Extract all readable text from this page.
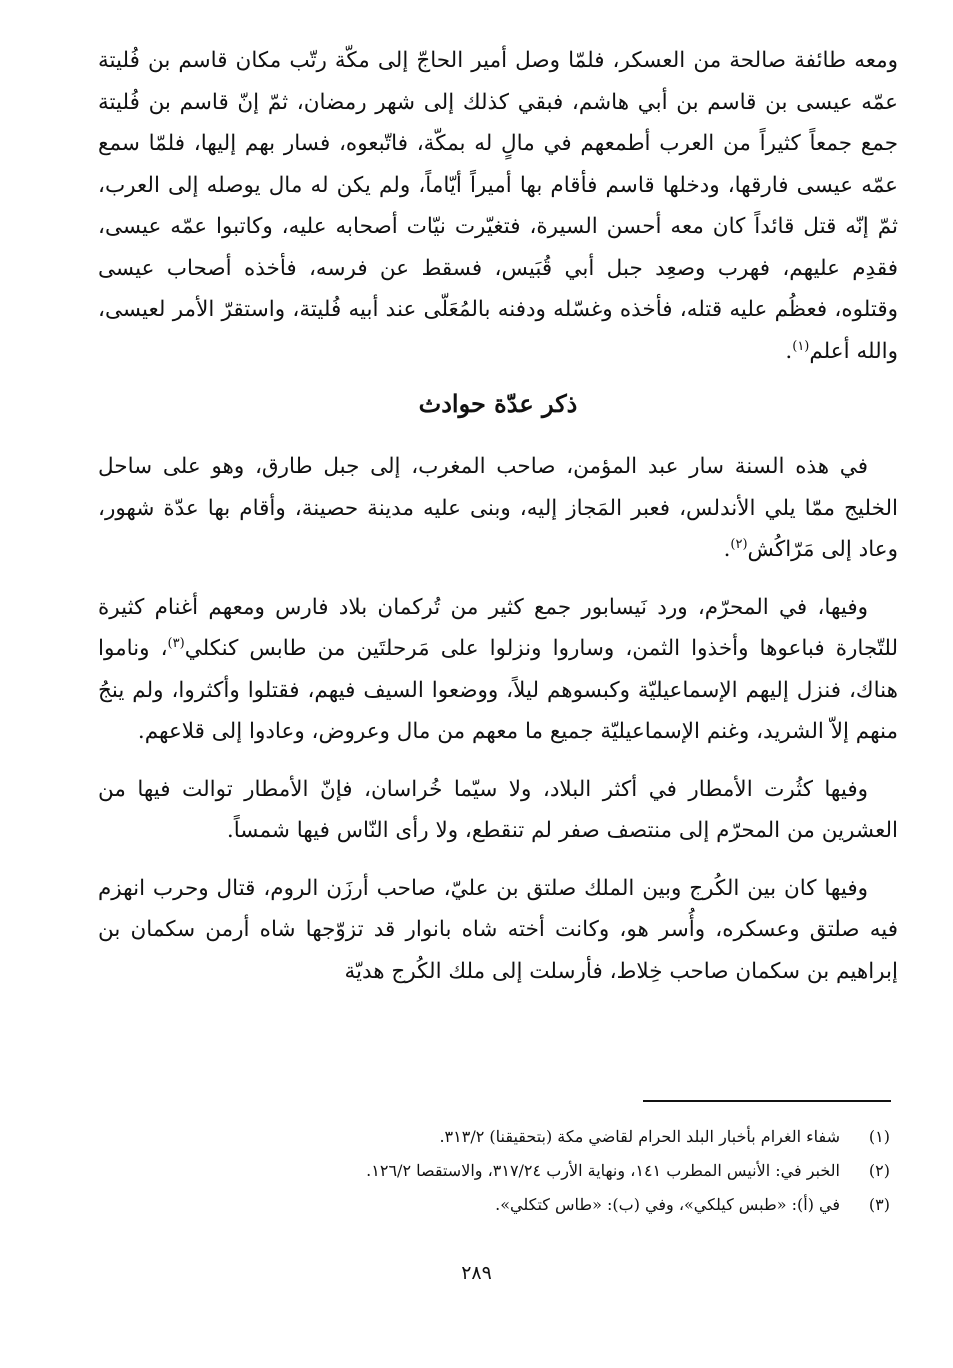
ومعه طائفة صالحة من العسكر، فلمّا وصل أمير الحاجّ إلى مكّة رتّب مكان قاسم بن فُليتة عمّه عيسى بن قاسم بن أبي هاشم، فبقي كذلك إلى شهر رمضان، ثمّ إنّ قاسم بن فُليتة جمع جمعاً كثيراً من العرب أطمعهم في مالٍ له بمكّة، فاتّبعوه، فسار بهم إليها، فلمّا سمع عمّه عيسى فارقها، ودخلها قاسم فأقام بها أميراً أيّاماً، ولم يكن له مال يوصله إلى العرب، ثمّ إنّه قتل قائداً كان معه أحسن السيرة، فتغيّرت نيّات أصحابه عليه، وكاتبوا عمّه عيسى، فقدِم عليهم، فهرب وصعِد جبل أبي قُبَيس، فسقط عن فرسه، فأخذه أصحاب عيسى وقتلوه، فعظُم عليه قتله، فأخذه وغسّله ودفنه بالمُعَلّى عند أبيه فُليتة، واستقرّ الأمر لعيسى، والله أعلم$^{(١)}$.

ذكر عدّة حوادث

في هذه السنة سار عبد المؤمن، صاحب المغرب، إلى جبل طارق، وهو على ساحل الخليج ممّا يلي الأندلس، فعبر المَجاز إليه، وبنى عليه مدينة حصينة، وأقام بها عدّة شهور، وعاد إلى مَرّاكُش$^{(٢)}$.

وفيها، في المحرّم، ورد نَيسابور جمع كثير من تُركمان بلاد فارس ومعهم أغنام كثيرة للتّجارة فباعوها وأخذوا الثمن، وساروا ونزلوا على مَرحلتَين من طابس كنكلي$^{(٣)}$، وناموا هناك، فنزل إليهم الإسماعيليّة وكبسوهم ليلاً، ووضعوا السيف فيهم، فقتلوا وأكثروا، ولم ينجُ منهم إلاّ الشريد، وغنم الإسماعيليّة جميع ما معهم من مال وعروض، وعادوا إلى قلاعهم.

وفيها كثُرت الأمطار في أكثر البلاد، ولا سيّما خُراسان، فإنّ الأمطار توالت فيها من العشرين من المحرّم إلى منتصف صفر لم تنقطع، ولا رأى النّاس فيها شمساً.

وفيها كان بين الكُرج وبين الملك صلتق بن عليّ، صاحب أرزَن الروم، قتال وحرب انهزم فيه صلتق وعسكره، وأُسر هو، وكانت أخته شاه بانوار قد تزوّجها شاه أرمن سكمان بن إبراهيم بن سكمان صاحب خِلاط، فأرسلت إلى ملك الكُرج هديّة

(١)
شفاء الغرام بأخبار البلد الحرام لقاضي مكة (بتحقيقنا) ٣١٣/٢.
(٢)
الخبر في: الأنيس المطرب ١٤١، ونهاية الأرب ٣١٧/٢٤، والاستقصا ١٢٦/٢.
(٣)
في (أ): «طبس كيلكي»، وفي (ب): «طاس كتكلي».
٢٨٩
